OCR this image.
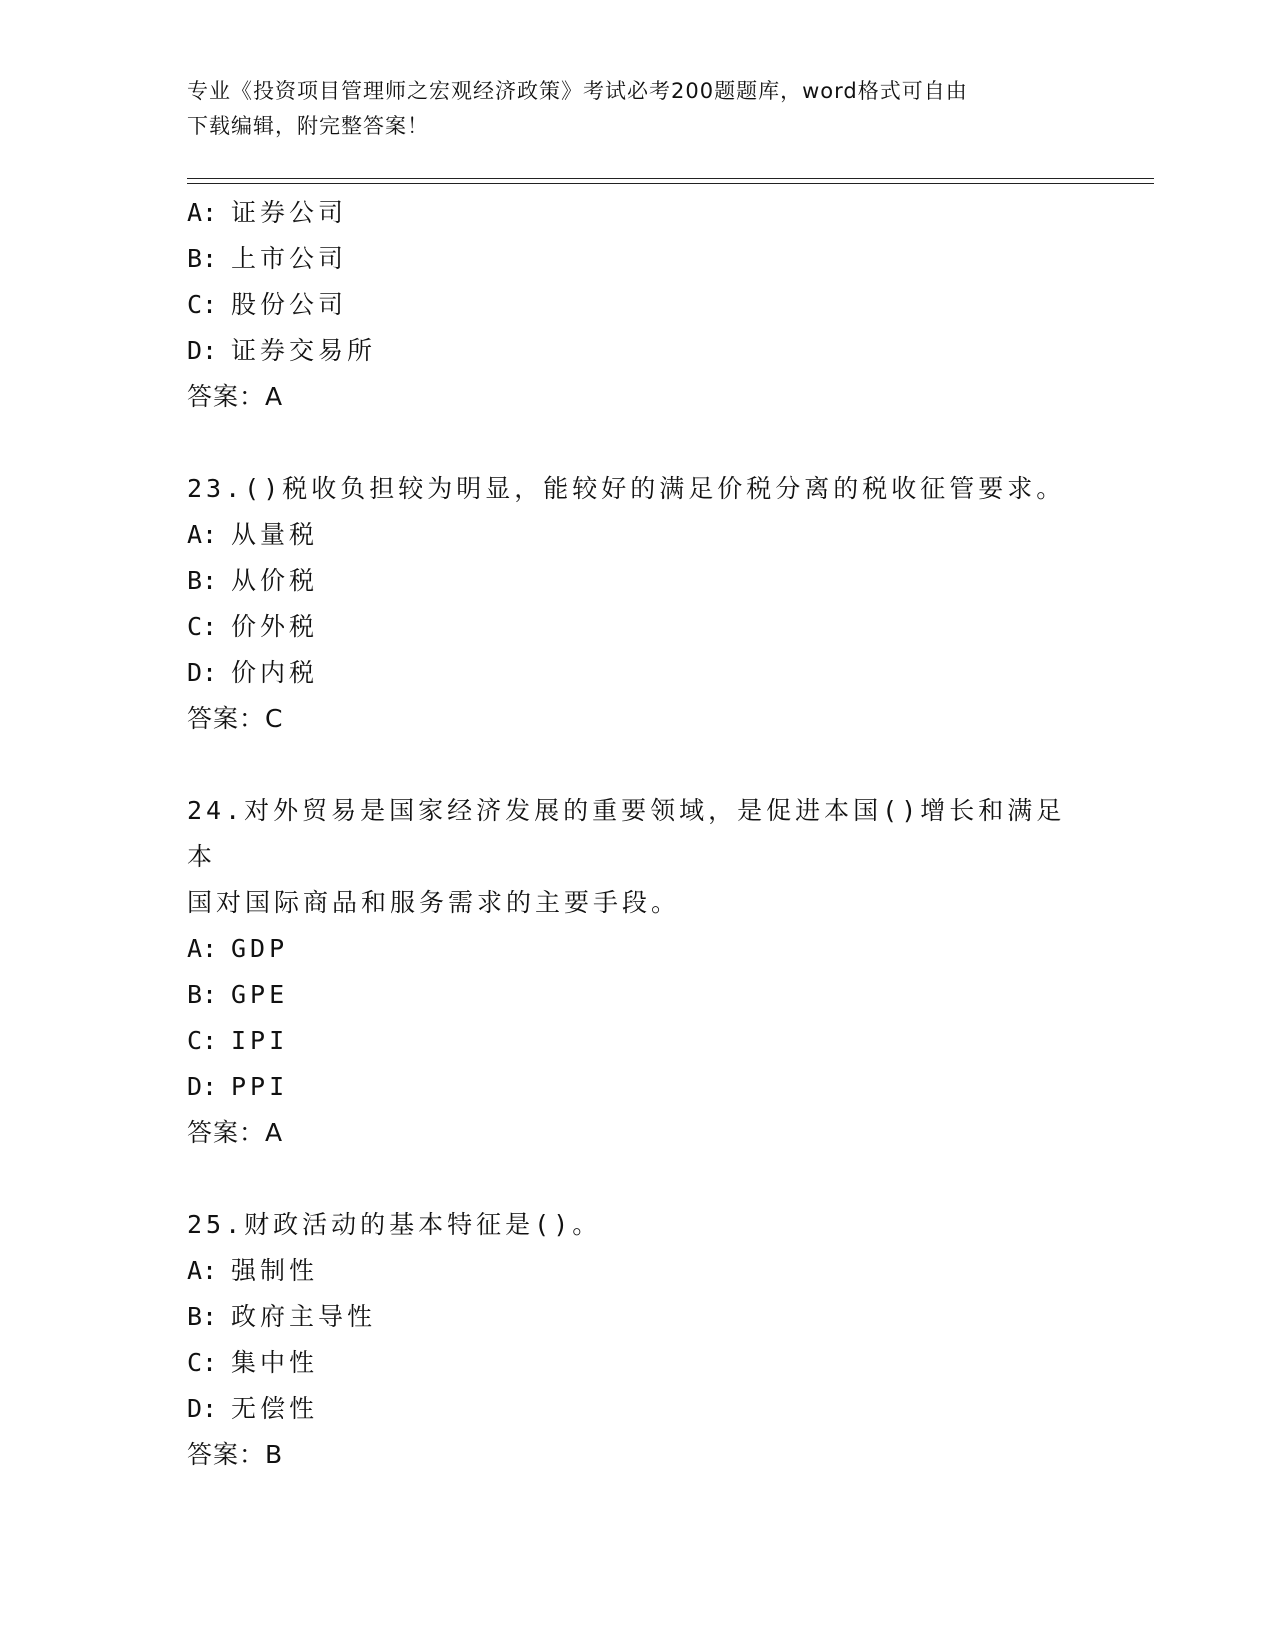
专业《投资项目管理师之宏观经济政策》考试必考200题题库，word格式可自由
下载编辑，附完整答案！
A: 证券公司
B: 上市公司
C: 股份公司
D: 证券交易所
答案：A
23.()税收负担较为明显，能较好的满足价税分离的税收征管要求。
A: 从量税
B: 从价税
C: 价外税
D: 价内税
答案：C
24.对外贸易是国家经济发展的重要领域，是促进本国()增长和满足本
国对国际商品和服务需求的主要手段。
A: GDP
B: GPE
C: IPI
D: PPI
答案：A
25.财政活动的基本特征是()。
A: 强制性
B: 政府主导性
C: 集中性
D: 无偿性
答案：B
